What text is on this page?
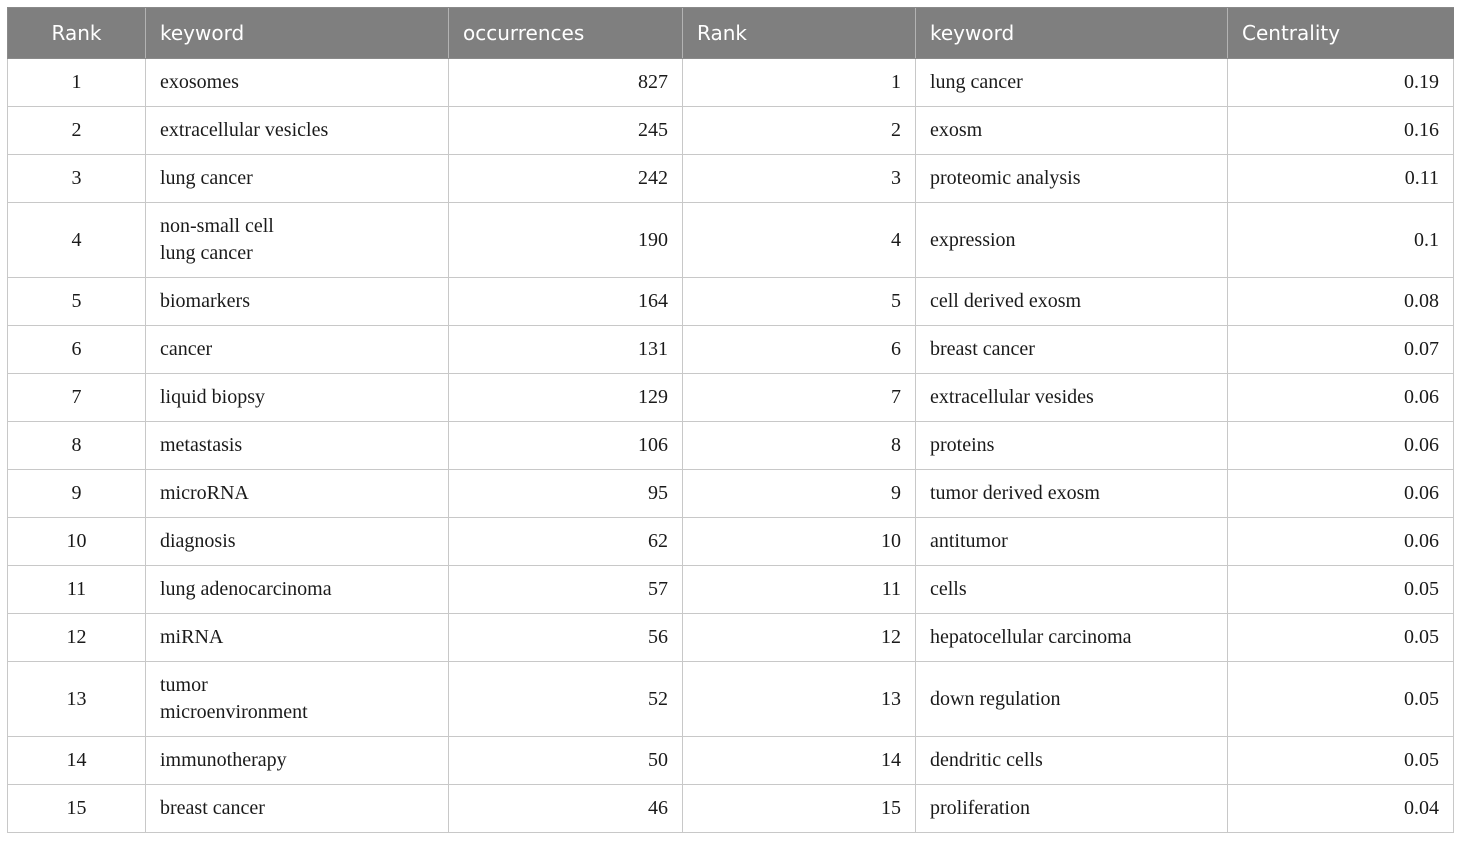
Rank	keyword	occurrences	Rank	keyword	Centrality
1	exosomes	827	1	lung cancer	0.19
2	extracellular vesicles	245	2	exosm	0.16
3	lung cancer	242	3	proteomic analysis	0.11
4	non-small cell
lung cancer	190	4	expression	0.1
5	biomarkers	164	5	cell derived exosm	0.08
6	cancer	131	6	breast cancer	0.07
7	liquid biopsy	129	7	extracellular vesides	0.06
8	metastasis	106	8	proteins	0.06
9	microRNA	95	9	tumor derived exosm	0.06
10	diagnosis	62	10	antitumor	0.06
11	lung adenocarcinoma	57	11	cells	0.05
12	miRNA	56	12	hepatocellular carcinoma	0.05
13	tumor
microenvironment	52	13	down regulation	0.05
14	immunotherapy	50	14	dendritic cells	0.05
15	breast cancer	46	15	proliferation	0.04
